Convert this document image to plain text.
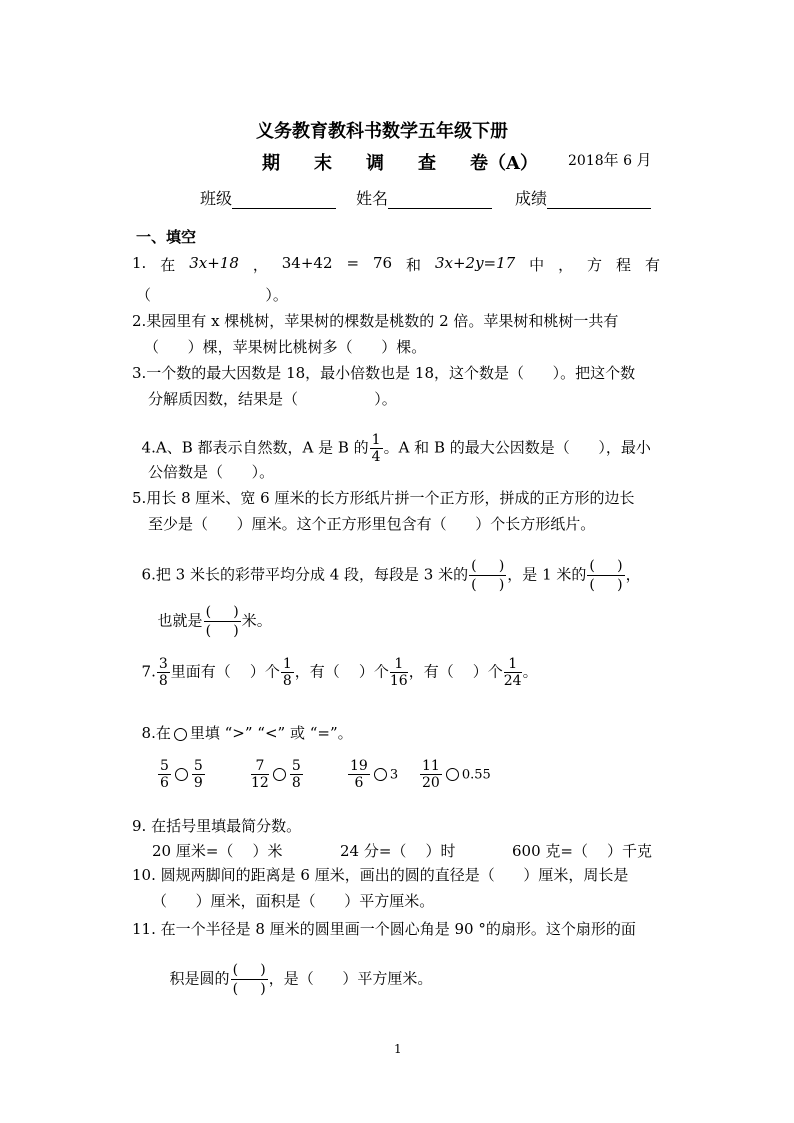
义务教育教科书数学五年级下册
期 末 调 查 卷（A） 2018年 6 月
班级	姓名	成绩
一、填空
1. 在 3x+18 ， 34+42 = 76 和 3x+2y=17 中 ， 方 程 有
（                        ）。
2.果园里有 x 棵桃树，苹果树的棵数是桃数的 2 倍。苹果树和桃树一共有
（      ）棵，苹果树比桃树多（      ）棵。
3.一个数的最大因数是 18，最小倍数也是 18，这个数是（      ）。把这个数
分解质因数，结果是（                ）。

4.A、B 都表示自然数，A 是 B 的 $\frac{1}{4}$ 。A 和 B 的最大公因数是（      ），最小

公倍数是（      ）。
5.用长 8 厘米、宽 6 厘米的长方形纸片拼一个正方形，拼成的正方形的边长
至少是（      ）厘米。这个正方形里包含有（      ）个长方形纸片。

6.把 3 米长的彩带平均分成 4 段，每段是 3 米的 $\frac{( )}{( )}$ ，是 1 米的 $\frac{( )}{( )}$ ，

也就是 $\frac{( )}{( )}$ 米。

7. $\frac{3}{8}$ 里面有（    ）个 $\frac{1}{8}$ ，有（    ）个 $\frac{1}{16}$ ，有（    ）个 $\frac{1}{24}$ 。

8.在 里填 “>” “<” 或 “=”。

$\frac{5}{6} \frac{5}{9}$	$\frac{7}{12} \frac{5}{8}$	$\frac{19}{6} 3 \frac{11}{20} 0.55$
9. 在括号里填最简分数。
20 厘米=（    ）米	24 分=（    ）时	600 克=（    ）千克
10. 圆规两脚间的距离是 6 厘米，画出的圆的直径是（      ）厘米，周长是
（      ）厘米，面积是（      ）平方厘米。
11. 在一个半径是 8 厘米的圆里画一个圆心角是 90 °的扇形。这个扇形的面

积是圆的 $\frac{( )}{( )}$ ，是（      ）平方厘米。

1
